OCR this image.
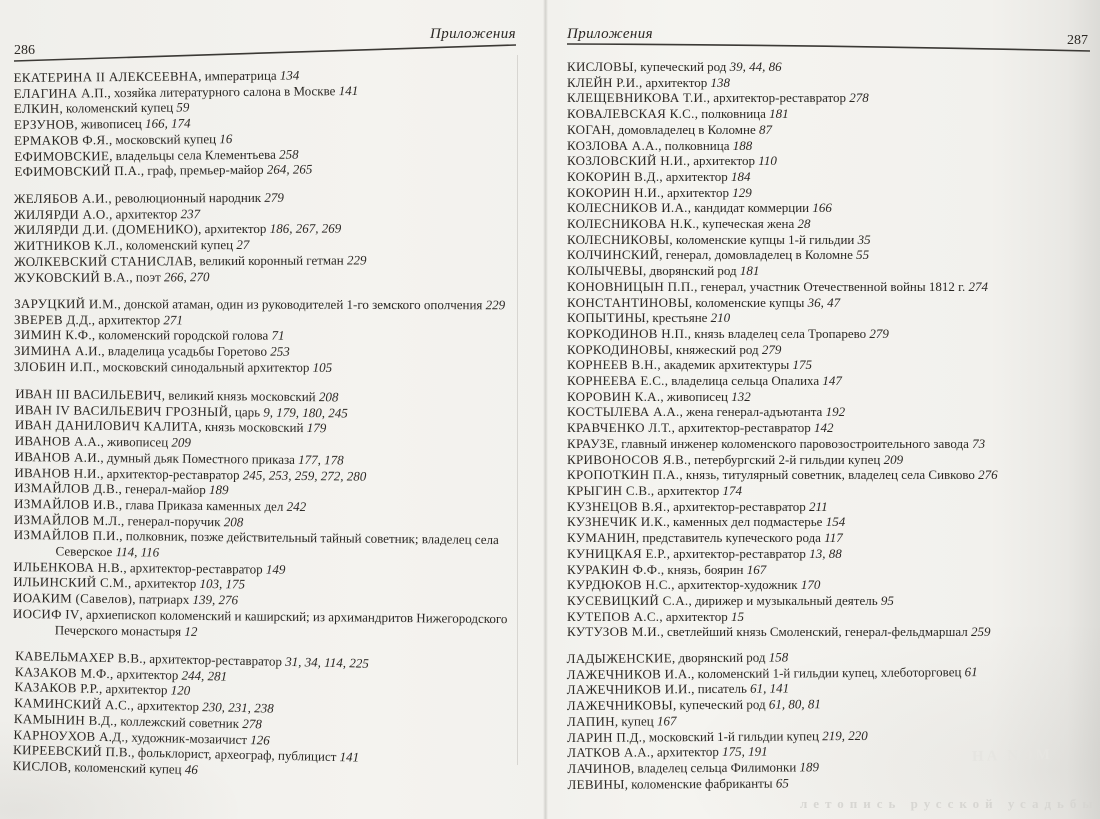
Приложения
286
ЕКАТЕРИНА II АЛЕКСЕЕВНА, императрица 134
ЕЛАГИНА А.П., хозяйка литературного салона в Москве 141
ЕЛКИН, коломенский купец 59
ЕРЗУНОВ, живописец 166, 174
ЕРМАКОВ Ф.Я., московский купец 16
ЕФИМОВСКИЕ, владельцы села Клементьева 258
ЕФИМОВСКИЙ П.А., граф, премьер-майор 264, 265
ЖЕЛЯБОВ А.И., революционный народник 279
ЖИЛЯРДИ А.О., архитектор 237
ЖИЛЯРДИ Д.И. (ДОМЕНИКО), архитектор 186, 267, 269
ЖИТНИКОВ К.Л., коломенский купец 27
ЖОЛКЕВСКИЙ СТАНИСЛАВ, великий коронный гетман 229
ЖУКОВСКИЙ В.А., поэт 266, 270
ЗАРУЦКИЙ И.М., донской атаман, один из руководителей 1-го земского ополчения 229
ЗВЕРЕВ Д.Д., архитектор 271
ЗИМИН К.Ф., коломенский городской голова 71
ЗИМИНА А.И., владелица усадьбы Горетово 253
ЗЛОБИН И.П., московский синодальный архитектор 105
ИВАН III ВАСИЛЬЕВИЧ, великий князь московский 208
ИВАН IV ВАСИЛЬЕВИЧ ГРОЗНЫЙ, царь 9, 179, 180, 245
ИВАН ДАНИЛОВИЧ КАЛИТА, князь московский 179
ИВАНОВ А.А., живописец 209
ИВАНОВ А.И., думный дьяк Поместного приказа 177, 178
ИВАНОВ Н.И., архитектор-реставратор 245, 253, 259, 272, 280
ИЗМАЙЛОВ Д.В., генерал-майор 189
ИЗМАЙЛОВ И.В., глава Приказа каменных дел 242
ИЗМАЙЛОВ М.Л., генерал-поручик 208
ИЗМАЙЛОВ П.И., полковник, позже действительный тайный советник; владелец села Северское 114, 116
ИЛЬЕНКОВА Н.В., архитектор-реставратор 149
ИЛЬИНСКИЙ С.М., архитектор 103, 175
ИОАКИМ (Савелов), патриарх 139, 276
ИОСИФ IV, архиепископ коломенский и каширский; из архимандритов Нижегородского Печерского монастыря 12
КАВЕЛЬМАХЕР В.В., архитектор-реставратор 31, 34, 114, 225
КАЗАКОВ М.Ф., архитектор 244, 281
КАЗАКОВ Р.Р., архитектор 120
КАМИНСКИЙ А.С., архитектор 230, 231, 238
КАМЫНИН В.Д., коллежский советник 278
КАРНОУХОВ А.Д., художник-мозаичист 126
КИРЕЕВСКИЙ П.В., фольклорист, археограф, публицист 141
КИСЛОВ, коломенский купец 46
Приложения	287
КИСЛОВЫ, купеческий род 39, 44, 86
КЛЕЙН Р.И., архитектор 138
КЛЕЩЕВНИКОВА Т.И., архитектор-реставратор 278
КОВАЛЕВСКАЯ К.С., полковница 181
КОГАН, домовладелец в Коломне 87
КОЗЛОВА А.А., полковница 188
КОЗЛОВСКИЙ Н.И., архитектор 110
КОКОРИН В.Д., архитектор 184
КОКОРИН Н.И., архитектор 129
КОЛЕСНИКОВ И.А., кандидат коммерции 166
КОЛЕСНИКОВА Н.К., купеческая жена 28
КОЛЕСНИКОВЫ, коломенские купцы 1-й гильдии 35
КОЛЧИНСКИЙ, генерал, домовладелец в Коломне 55
КОЛЫЧЕВЫ, дворянский род 181
КОНОВНИЦЫН П.П., генерал, участник Отечественной войны 1812 г. 274
КОНСТАНТИНОВЫ, коломенские купцы 36, 47
КОПЫТИНЫ, крестьяне 210
КОРКОДИНОВ Н.П., князь владелец села Тропарево 279
КОРКОДИНОВЫ, княжеский род 279
КОРНЕЕВ В.Н., академик архитектуры 175
КОРНЕЕВА Е.С., владелица сельца Опалиха 147
КОРОВИН К.А., живописец 132
КОСТЫЛЕВА А.А., жена генерал-адъютанта 192
КРАВЧЕНКО Л.Т., архитектор-реставратор 142
КРАУЗЕ, главный инженер коломенского паровозостроительного завода 73
КРИВОНОСОВ Я.В., петербургский 2-й гильдии купец 209
КРОПОТКИН П.А., князь, титулярный советник, владелец села Сивково 276
КРЫГИН С.В., архитектор 174
КУЗНЕЦОВ В.Я., архитектор-реставратор 211
КУЗНЕЧИК И.К., каменных дел подмастерье 154
КУМАНИН, представитель купеческого рода 117
КУНИЦКАЯ Е.Р., архитектор-реставратор 13, 88
КУРАКИН Ф.Ф., князь, боярин 167
КУРДЮКОВ Н.С., архитектор-художник 170
КУСЕВИЦКИЙ С.А., дирижер и музыкальный деятель 95
КУТЕПОВ А.С., архитектор 15
КУТУЗОВ М.И., светлейший князь Смоленский, генерал-фельдмаршал 259
ЛАДЫЖЕНСКИЕ, дворянский род 158
ЛАЖЕЧНИКОВ И.А., коломенский 1-й гильдии купец, хлеботорговец 61
ЛАЖЕЧНИКОВ И.И., писатель 61, 141
ЛАЖЕЧНИКОВЫ, купеческий род 61, 80, 81
ЛАПИН, купец 167
ЛАРИН П.Д., московский 1-й гильдии купец 219, 220
ЛАТКОВ А.А., архитектор 175, 191
ЛАЧИНОВ, владелец сельца Филимонки 189
ЛЕВИНЫ, коломенские фабриканты 65
НА NOM
летопись русской усадьбы
